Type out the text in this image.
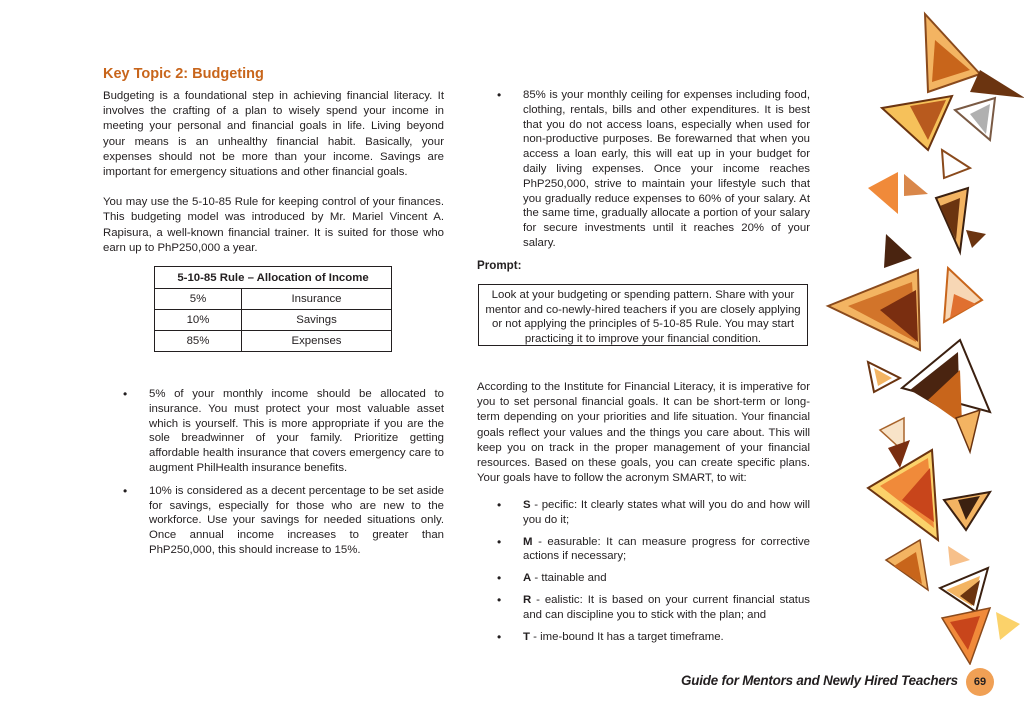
Key Topic 2: Budgeting

Budgeting is a foundational step in achieving financial literacy. It involves the crafting of a plan to wisely spend your income in meeting your personal and financial goals in life. Living beyond your means is an unhealthy financial habit. Basically, your expenses should not be more than your income. Savings are important for emergency situations and other financial goals.

You may use the 5-10-85 Rule for keeping control of your finances. This budgeting model was introduced by Mr. Mariel Vincent A. Rapisura, a well-known financial trainer. It is suited for those who earn up to PhP250,000 a year.

5-10-85 Rule – Allocation of Income	
5%	Insurance
10%	Savings
85%	Expenses
• 5% of your monthly income should be allocated to insurance. You must protect your most valuable asset which is yourself. This is more appropriate if you are the sole breadwinner of your family. Prioritize getting affordable health insurance that covers emergency care to augment PhilHealth insurance benefits.
• 10% is considered as a decent percentage to be set aside for savings, especially for those who are new to the workforce. Use your savings for needed situations only. Once annual income increases to greater than PhP250,000, this should increase to 15%.
• 85% is your monthly ceiling for expenses including food, clothing, rentals, bills and other expenditures. It is best that you do not access loans, especially when used for non-productive purposes. Be forewarned that when you access a loan early, this will eat up in your budget for daily living expenses. Once your income reaches PhP250,000, strive to maintain your lifestyle such that you gradually reduce expenses to 60% of your salary. At the same time, gradually allocate a portion of your salary for secure investments until it reaches 20% of your salary.
Prompt:
Look at your budgeting or spending pattern. Share with your mentor and co-newly-hired teachers if you are closely applying or not applying the principles of 5-10-85 Rule. You may start practicing it to improve your financial condition.

According to the Institute for Financial Literacy, it is imperative for you to set personal financial goals. It can be short-term or long-term depending on your priorities and life situation. Your financial goals reflect your values and the things you care about. This will keep you on track in the proper management of your financial resources. Based on these goals, you can create specific plans. Your goals have to follow the acronym SMART, to wit:

• S - pecific: It clearly states what will you do and how will you do it;
• M - easurable: It can measure progress for corrective actions if necessary;
• A - ttainable and
• R - ealistic: It is based on your current financial status and can discipline you to stick with the plan; and
• T - ime-bound It has a target timeframe.
Guide for Mentors and Newly Hired Teachers	69
